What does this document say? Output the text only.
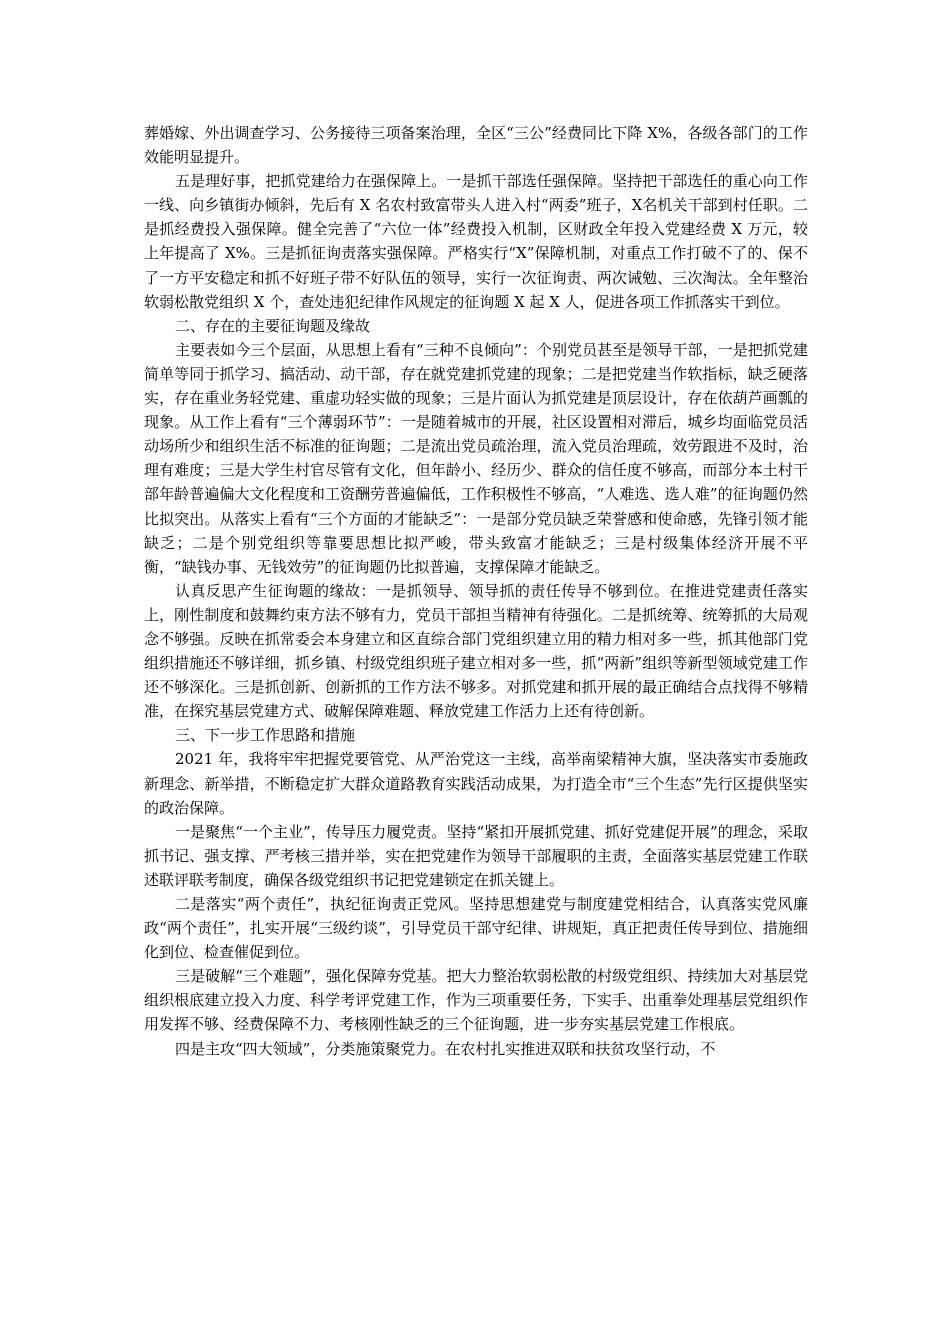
葬婚嫁、外出调查学习、公务接待三项备案治理，全区“三公”经费同比下降 X%，各级各部门的工作效能明显提升。

五是理好事，把抓党建给力在强保障上。一是抓干部选任强保障。坚持把干部选任的重心向工作一线、向乡镇街办倾斜，先后有 X 名农村致富带头人进入村“两委”班子，X名机关干部到村任职。二是抓经费投入强保障。健全完善了“六位一体”经费投入机制，区财政全年投入党建经费 X 万元，较上年提高了 X%。三是抓征询责落实强保障。严格实行“X”保障机制，对重点工作打破不了的、保不了一方平安稳定和抓不好班子带不好队伍的领导，实行一次征询责、两次诫勉、三次淘汰。全年整治软弱松散党组织 X 个，查处违犯纪律作风规定的征询题 X 起 X 人，促进各项工作抓落实干到位。

二、存在的主要征询题及缘故

主要表如今三个层面，从思想上看有“三种不良倾向”：个别党员甚至是领导干部，一是把抓党建简单等同于抓学习、搞活动、动干部，存在就党建抓党建的现象；二是把党建当作软指标，缺乏硬落实，存在重业务轻党建、重虚功轻实做的现象；三是片面认为抓党建是顶层设计，存在依葫芦画瓢的现象。从工作上看有“三个薄弱环节”：一是随着城市的开展，社区设置相对滞后，城乡均面临党员活动场所少和组织生活不标准的征询题；二是流出党员疏治理，流入党员治理疏，效劳跟进不及时，治理有难度；三是大学生村官尽管有文化，但年龄小、经历少、群众的信任度不够高，而部分本土村干部年龄普遍偏大文化程度和工资酬劳普遍偏低，工作积极性不够高，“人难选、选人难”的征询题仍然比拟突出。从落实上看有“三个方面的才能缺乏”：一是部分党员缺乏荣誉感和使命感，先锋引领才能缺乏；二是个别党组织等靠要思想比拟严峻，带头致富才能缺乏；三是村级集体经济开展不平衡，“缺钱办事、无钱效劳”的征询题仍比拟普遍，支撑保障才能缺乏。

认真反思产生征询题的缘故：一是抓领导、领导抓的责任传导不够到位。在推进党建责任落实上，刚性制度和鼓舞约束方法不够有力，党员干部担当精神有待强化。二是抓统筹、统筹抓的大局观念不够强。反映在抓常委会本身建立和区直综合部门党组织建立用的精力相对多一些，抓其他部门党组织措施还不够详细，抓乡镇、村级党组织班子建立相对多一些，抓“两新”组织等新型领域党建工作还不够深化。三是抓创新、创新抓的工作方法不够多。对抓党建和抓开展的最正确结合点找得不够精准，在探究基层党建方式、破解保障难题、释放党建工作活力上还有待创新。

三、下一步工作思路和措施

2021 年，我将牢牢把握党要管党、从严治党这一主线，高举南梁精神大旗，坚决落实市委施政新理念、新举措，不断稳定扩大群众道路教育实践活动成果，为打造全市“三个生态”先行区提供坚实的政治保障。

一是聚焦“一个主业”，传导压力履党责。坚持“紧扣开展抓党建、抓好党建促开展”的理念，采取抓书记、强支撑、严考核三措并举，实在把党建作为领导干部履职的主责，全面落实基层党建工作联述联评联考制度，确保各级党组织书记把党建锁定在抓关键上。

二是落实“两个责任”，执纪征询责正党风。坚持思想建党与制度建党相结合，认真落实党风廉政“两个责任”，扎实开展“三级约谈”，引导党员干部守纪律、讲规矩，真正把责任传导到位、措施细化到位、检查催促到位。

三是破解“三个难题”，强化保障夯党基。把大力整治软弱松散的村级党组织、持续加大对基层党组织根底建立投入力度、科学考评党建工作，作为三项重要任务，下实手、出重拳处理基层党组织作用发挥不够、经费保障不力、考核刚性缺乏的三个征询题，进一步夯实基层党建工作根底。

四是主攻“四大领域”，分类施策聚党力。在农村扎实推进双联和扶贫攻坚行动，不
